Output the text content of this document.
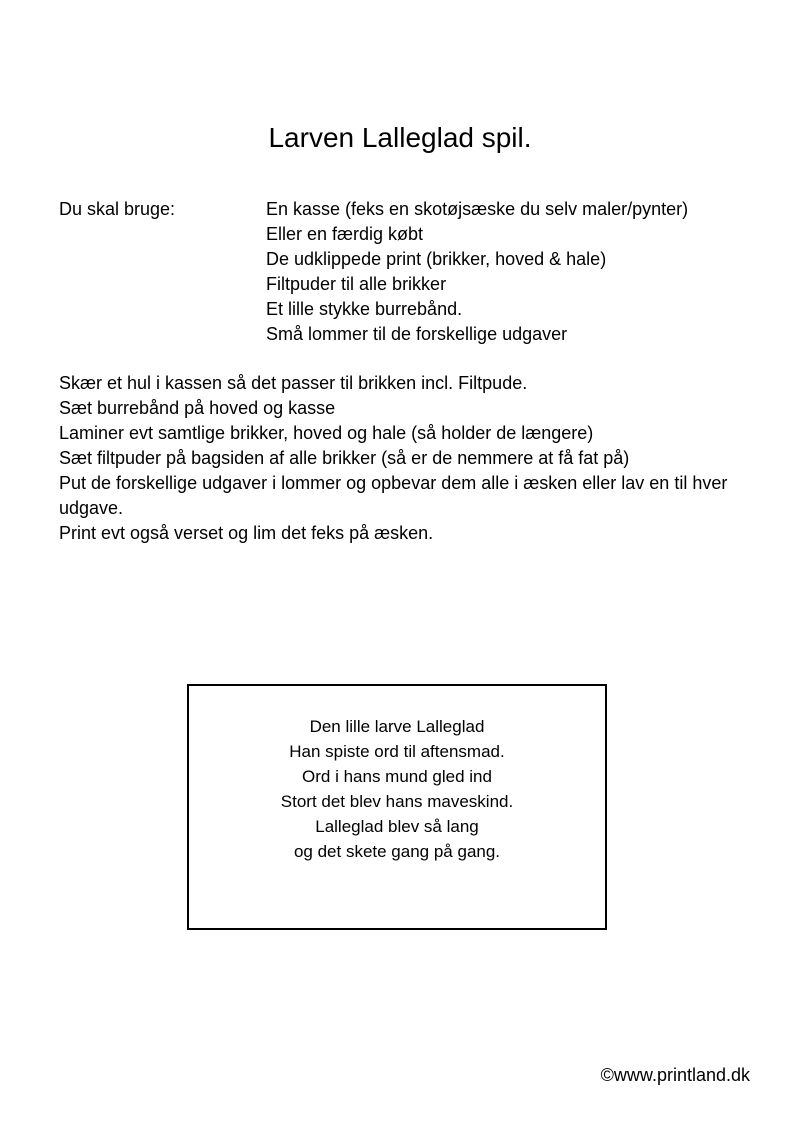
Larven Lalleglad spil.
Du skal bruge:	En kasse (feks en skotøjsæske du selv maler/pynter)
Eller en færdig købt
De udklippede print (brikker, hoved & hale)
Filtpuder til alle brikker
Et lille stykke burrebånd.
Små lommer til de forskellige udgaver

Skær et hul i kassen så det passer til brikken incl. Filtpude.

Sæt burrebånd på hoved og kasse

Laminer evt samtlige brikker, hoved og hale (så holder de længere)

Sæt filtpuder på bagsiden af alle brikker (så er de nemmere at få fat på)

Put de forskellige udgaver i lommer og opbevar dem alle i æsken eller lav en til hver udgave.

Print evt også verset og lim det feks på æsken.

Den lille larve Lalleglad

Han spiste ord til aftensmad.

Ord i hans mund gled ind

Stort det blev hans maveskind.

Lalleglad blev så lang

og det skete gang på gang.

©www.printland.dk
